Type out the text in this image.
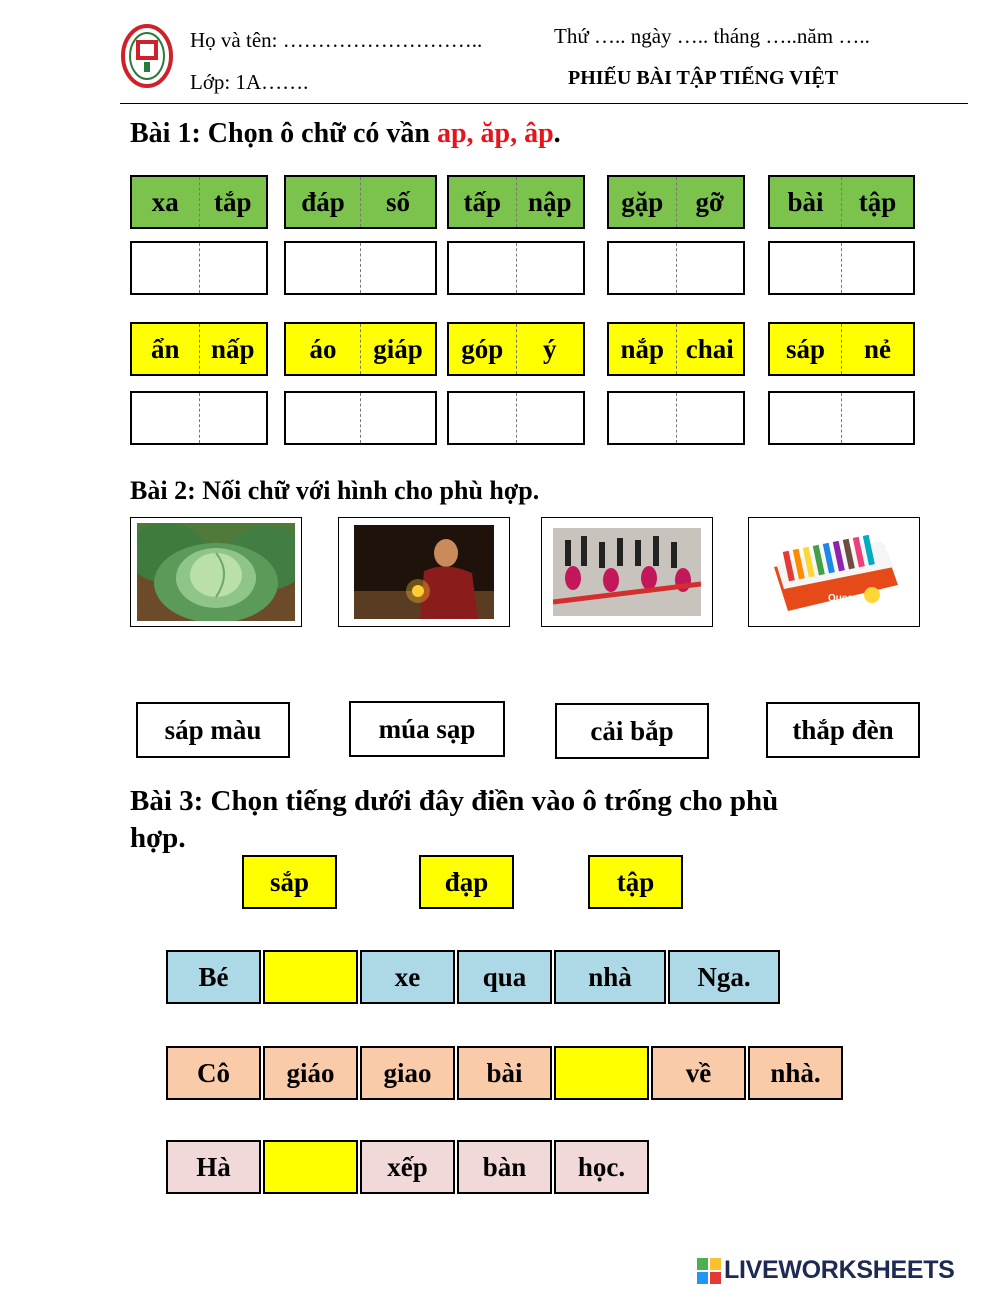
Họ và tên: ………………………..
Lớp: 1A…….
Thứ ….. ngày ….. tháng …..năm …..
PHIẾU BÀI TẬP TIẾNG VIỆT
Bài 1: Chọn ô chữ có vần ap, ăp, âp.
xa	tắp	đáp	số	tấp nập	gặp	gỡ	bài	tập
ẩn	nấp	áo	giáp	góp	ý	nắp chai	sáp	nẻ
Bài 2: Nối chữ với hình cho phù hợp.
Queen
sáp màu	múa sạp	cải bắp	thắp đèn
Bài 3: Chọn tiếng dưới đây điền vào ô trống cho phù
hợp.
sắp	đạp	tập
Bé	xe	qua	nhà	Nga.
Cô	giáo	giao	bài	về	nhà.
Hà	xếp	bàn	học.
LIVEWORKSHEETS
